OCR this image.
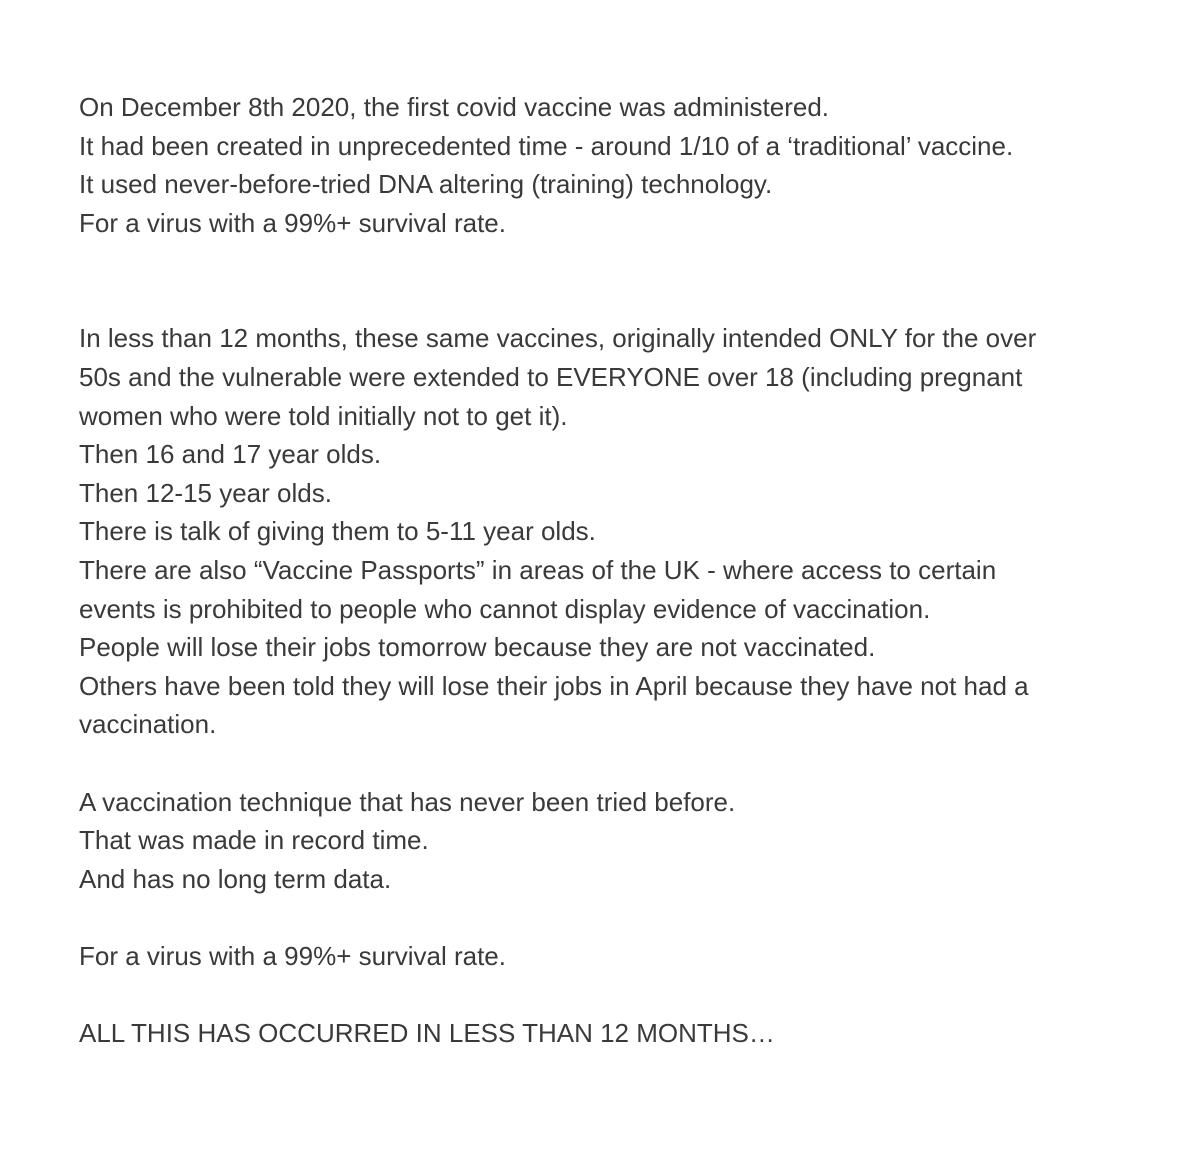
On December 8th 2020, the first covid vaccine was administered.
It had been created in unprecedented time - around 1/10 of a ‘traditional’ vaccine.
It used never-before-tried DNA altering (training) technology.
For a virus with a 99%+ survival rate.
In less than 12 months, these same vaccines, originally intended ONLY for the over
50s and the vulnerable were extended to EVERYONE over 18 (including pregnant
women who were told initially not to get it).
Then 16 and 17 year olds.
Then 12-15 year olds.
There is talk of giving them to 5-11 year olds.
There are also “Vaccine Passports” in areas of the UK - where access to certain
events is prohibited to people who cannot display evidence of vaccination.
People will lose their jobs tomorrow because they are not vaccinated.
Others have been told they will lose their jobs in April because they have not had a
vaccination.
A vaccination technique that has never been tried before.
That was made in record time.
And has no long term data.
For a virus with a 99%+ survival rate.
ALL THIS HAS OCCURRED IN LESS THAN 12 MONTHS…
